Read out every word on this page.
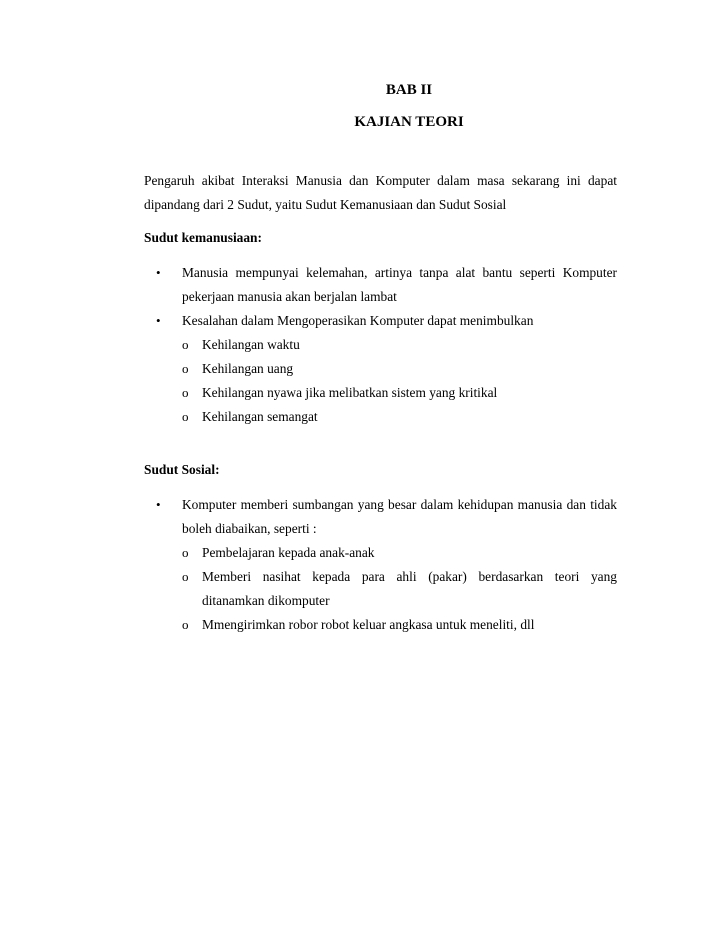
BAB II
KAJIAN TEORI
Pengaruh akibat Interaksi Manusia dan Komputer dalam masa sekarang ini dapat
dipandang dari 2 Sudut, yaitu Sudut Kemanusiaan dan Sudut Sosial
Sudut kemanusiaan:
• Manusia mempunyai kelemahan, artinya tanpa alat bantu seperti Komputer
pekerjaan manusia akan berjalan lambat
• Kesalahan dalam Mengoperasikan Komputer dapat menimbulkan
o Kehilangan waktu
o Kehilangan uang
o Kehilangan nyawa jika melibatkan sistem yang kritikal
o Kehilangan semangat
Sudut Sosial:
• Komputer memberi sumbangan yang besar dalam kehidupan manusia dan tidak
boleh diabaikan, seperti :
o Pembelajaran kepada anak-anak
o Memberi nasihat kepada para ahli (pakar) berdasarkan teori yang
ditanamkan dikomputer
o Mmengirimkan robor robot keluar angkasa untuk meneliti, dll
